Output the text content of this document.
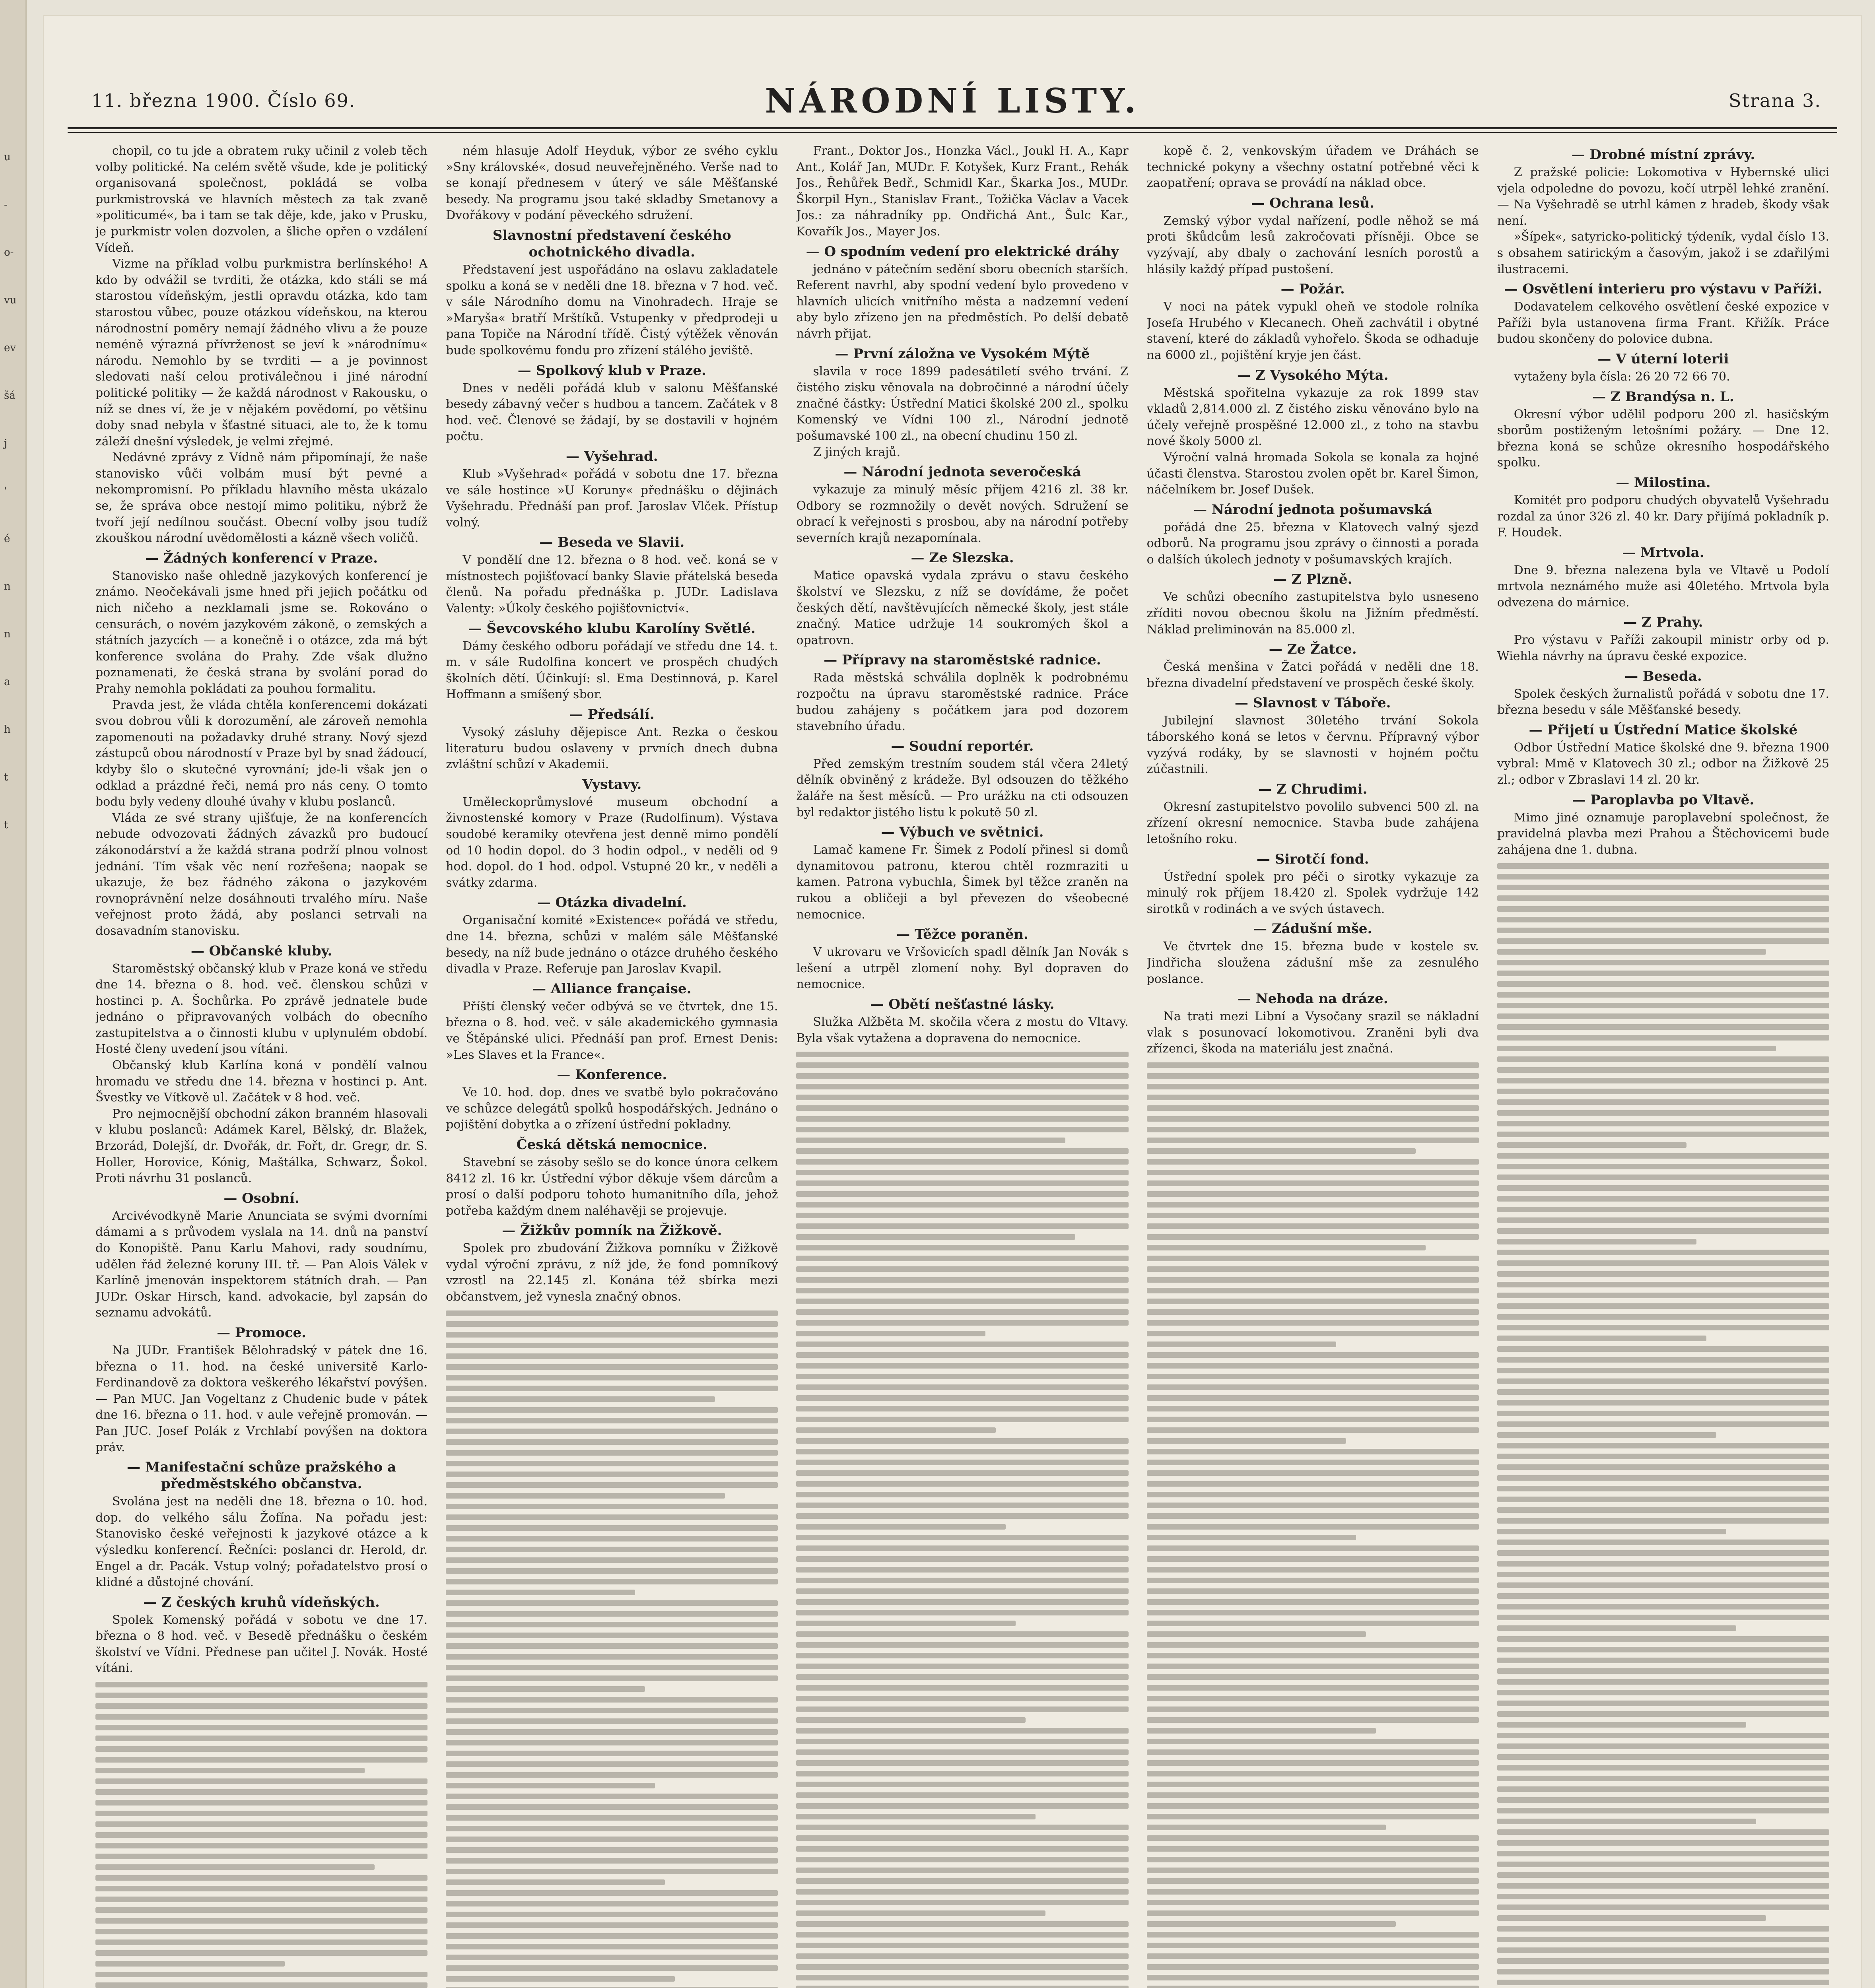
u
-
o-
vu
ev
šá
j
'
é
n
n
a
h
t
t
11. března 1900. Číslo 69.	NÁRODNÍ LISTY.	Strana 3.

chopil, co tu jde a obratem ruky učinil z voleb těch volby politické. Na celém světě všude, kde je politický organisovaná společnost, pokládá se volba purkmistrovská ve hlavních městech za tak zvaně »politicumé«, ba i tam se tak děje, kde, jako v Prusku, je purkmistr volen dozvolen, a šliche opřen o vzdálení Vídeň.

Vizme na příklad volbu purkmistra berlínského! A kdo by odvážil se tvrditi, že otázka, kdo stáli se má starostou vídeňským, jestli opravdu otázka, kdo tam starostou vůbec, pouze otázkou vídeňskou, na kterou národnostní poměry nemají žádného vlivu a že pouze neméně výrazná přívrženost se jeví k »národnímu« národu. Nemohlo by se tvrditi — a je povinnost sledovati naší celou protiválečnou i jiné národní politické politiky — že každá národnost v Rakousku, o níž se dnes ví, že je v nějakém povědomí, po většinu doby snad nebyla v šťastné situaci, ale to, že k tomu záleží dnešní výsledek, je velmi zřejmé.

Nedávné zprávy z Vídně nám připomínají, že naše stanovisko vůči volbám musí být pevné a nekompromisní. Po příkladu hlavního města ukázalo se, že správa obce nestojí mimo politiku, nýbrž že tvoří její nedílnou součást. Obecní volby jsou tudíž zkouškou národní uvědomělosti a kázně všech voličů.

— Žádných konferencí v Praze.

Stanovisko naše ohledně jazykových konferencí je známo. Neočekávali jsme hned při jejich počátku od nich ničeho a nezklamali jsme se. Rokováno o censurách, o novém jazykovém zákoně, o zemských a státních jazycích — a konečně i o otázce, zda má být konference svolána do Prahy. Zde však dlužno poznamenati, že česká strana by svolání porad do Prahy nemohla pokládati za pouhou formalitu.

Pravda jest, že vláda chtěla konferencemi dokázati svou dobrou vůli k dorozumění, ale zároveň nemohla zapomenouti na požadavky druhé strany. Nový sjezd zástupců obou národností v Praze byl by snad žádoucí, kdyby šlo o skutečné vyrovnání; jde-li však jen o odklad a prázdné řeči, nemá pro nás ceny. O tomto bodu byly vedeny dlouhé úvahy v klubu poslanců.

Vláda ze své strany ujišťuje, že na konferencích nebude odvozovati žádných závazků pro budoucí zákonodárství a že každá strana podrží plnou volnost jednání. Tím však věc není rozřešena; naopak se ukazuje, že bez řádného zákona o jazykovém rovnoprávnění nelze dosáhnouti trvalého míru. Naše veřejnost proto žádá, aby poslanci setrvali na dosavadním stanovisku.

— Občanské kluby.

Staroměstský občanský klub v Praze koná ve středu dne 14. března o 8. hod. več. členskou schůzi v hostinci p. A. Šochůrka. Po zprávě jednatele bude jednáno o připravovaných volbách do obecního zastupitelstva a o činnosti klubu v uplynulém období. Hosté členy uvedení jsou vítáni.

Občanský klub Karlína koná v pondělí valnou hromadu ve středu dne 14. března v hostinci p. Ant. Švestky ve Vítkově ul. Začátek v 8 hod. več.

Pro nejmocnější obchodní zákon branném hlasovali v klubu poslanců: Adámek Karel, Bělský, dr. Blažek, Brzorád, Dolejší, dr. Dvořák, dr. Fořt, dr. Gregr, dr. S. Holler, Horovice, Kónig, Maštálka, Schwarz, Šokol. Proti návrhu 31 poslanců.

— Osobní.

Arcivévodkyně Marie Anunciata se svými dvorními dámami a s průvodem vyslala na 14. dnů na panství do Konopiště. Panu Karlu Mahovi, rady soudnímu, udělen řád železné koruny III. tř. — Pan Alois Válek v Karlíně jmenován inspektorem státních drah. — Pan JUDr. Oskar Hirsch, kand. advokacie, byl zapsán do seznamu advokátů.

— Promoce.

Na JUDr. František Bělohradský v pátek dne 16. března o 11. hod. na české universitě Karlo-Ferdinandově za doktora veškerého lékařství povýšen. — Pan MUC. Jan Vogeltanz z Chudenic bude v pátek dne 16. března o 11. hod. v aule veřejně promován. — Pan JUC. Josef Polák z Vrchlabí povýšen na doktora práv.

— Manifestační schůze pražského a předměstského občanstva.

Svolána jest na neděli dne 18. března o 10. hod. dop. do velkého sálu Žofína. Na pořadu jest: Stanovisko české veřejnosti k jazykové otázce a k výsledku konferencí. Řečníci: poslanci dr. Herold, dr. Engel a dr. Pacák. Vstup volný; pořadatelstvo prosí o klidné a důstojné chování.

— Z českých kruhů vídeňských.

Spolek Komenský pořádá v sobotu ve dne 17. března o 8 hod. več. v Besedě přednášku o českém školství ve Vídni. Přednese pan učitel J. Novák. Hosté vítáni.

ném hlasuje Adolf Heyduk, výbor ze svého cyklu »Sny královské«, dosud neuveřejněného. Verše nad to se konají přednesem v úterý ve sále Měšťanské besedy. Na programu jsou také skladby Smetanovy a Dvořákovy v podání pěveckého sdružení.

Slavnostní představení českého ochotnického divadla.

Představení jest uspořádáno na oslavu zakladatele spolku a koná se v neděli dne 18. března v 7 hod. več. v sále Národního domu na Vinohradech. Hraje se »Maryša« bratří Mrštíků. Vstupenky v předprodeji u pana Topiče na Národní třídě. Čistý výtěžek věnován bude spolkovému fondu pro zřízení stálého jeviště.

— Spolkový klub v Praze.

Dnes v neděli pořádá klub v salonu Měšťanské besedy zábavný večer s hudbou a tancem. Začátek v 8 hod. več. Členové se žádají, by se dostavili v hojném počtu.

— Vyšehrad.

Klub »Vyšehrad« pořádá v sobotu dne 17. března ve sále hostince »U Koruny« přednášku o dějinách Vyšehradu. Přednáší pan prof. Jaroslav Vlček. Přístup volný.

— Beseda ve Slavii.

V pondělí dne 12. března o 8 hod. več. koná se v místnostech pojišťovací banky Slavie přátelská beseda členů. Na pořadu přednáška p. JUDr. Ladislava Valenty: »Úkoly českého pojišťovnictví«.

— Ševcovského klubu Karolíny Světlé.

Dámy českého odboru pořádají ve středu dne 14. t. m. v sále Rudolfina koncert ve prospěch chudých školních dětí. Účinkují: sl. Ema Destinnová, p. Karel Hoffmann a smíšený sbor.

— Předsálí.

Vysoký zásluhy dějepisce Ant. Rezka o českou literaturu budou oslaveny v prvních dnech dubna zvláštní schůzí v Akademii.

Vystavy.

Uměleckoprůmyslové museum obchodní a živnostenské komory v Praze (Rudolfinum). Výstava soudobé keramiky otevřena jest denně mimo pondělí od 10 hodin dopol. do 3 hodin odpol., v neděli od 9 hod. dopol. do 1 hod. odpol. Vstupné 20 kr., v neděli a svátky zdarma.

— Otázka divadelní.

Organisační komité »Existence« pořádá ve středu, dne 14. března, schůzi v malém sále Měšťanské besedy, na níž bude jednáno o otázce druhého českého divadla v Praze. Referuje pan Jaroslav Kvapil.

— Alliance française.

Příští členský večer odbývá se ve čtvrtek, dne 15. března o 8. hod. več. v sále akademického gymnasia ve Štěpánské ulici. Přednáší pan prof. Ernest Denis: »Les Slaves et la France«.

— Konference.

Ve 10. hod. dop. dnes ve svatbě bylo pokračováno ve schůzce delegátů spolků hospodářských. Jednáno o pojištění dobytka a o zřízení ústřední pokladny.

Česká dětská nemocnice.

Stavební se zásoby sešlo se do konce února celkem 8412 zl. 16 kr. Ústřední výbor děkuje všem dárcům a prosí o další podporu tohoto humanitního díla, jehož potřeba každým dnem naléhavěji se projevuje.

— Žižkův pomník na Žižkově.

Spolek pro zbudování Žižkova pomníku v Žižkově vydal výroční zprávu, z níž jde, že fond pomníkový vzrostl na 22.145 zl. Konána též sbírka mezi občanstvem, jež vynesla značný obnos.

Frant., Doktor Jos., Honzka Václ., Joukl H. A., Kapr Ant., Kolář Jan, MUDr. F. Kotyšek, Kurz Frant., Rehák Jos., Řehůřek Bedř., Schmidl Kar., Škarka Jos., MUDr. Škorpil Hyn., Stanislav Frant., Tožička Václav a Vacek Jos.: za náhradníky pp. Ondřichá Ant., Šulc Kar., Kovařík Jos., Mayer Jos.

— O spodním vedení pro elektrické dráhy

jednáno v pátečním sedění sboru obecních starších. Referent navrhl, aby spodní vedení bylo provedeno v hlavních ulicích vnitřního města a nadzemní vedení aby bylo zřízeno jen na předměstích. Po delší debatě návrh přijat.

— První záložna ve Vysokém Mýtě

slavila v roce 1899 padesátiletí svého trvání. Z čistého zisku věnovala na dobročinné a národní účely značné částky: Ústřední Matici školské 200 zl., spolku Komenský ve Vídni 100 zl., Národní jednotě pošumavské 100 zl., na obecní chudinu 150 zl.

Z jiných krajů.

— Národní jednota severočeská

vykazuje za minulý měsíc příjem 4216 zl. 38 kr. Odbory se rozmnožily o devět nových. Sdružení se obrací k veřejnosti s prosbou, aby na národní potřeby severních krajů nezapomínala.

— Ze Slezska.

Matice opavská vydala zprávu o stavu českého školství ve Slezsku, z níž se dovídáme, že počet českých dětí, navštěvujících německé školy, jest stále značný. Matice udržuje 14 soukromých škol a opatrovn.

— Přípravy na staroměstské radnice.

Rada městská schválila doplněk k podrobnému rozpočtu na úpravu staroměstské radnice. Práce budou zahájeny s počátkem jara pod dozorem stavebního úřadu.

— Soudní reportér.

Před zemským trestním soudem stál včera 24letý dělník obviněný z krádeže. Byl odsouzen do těžkého žaláře na šest měsíců. — Pro urážku na cti odsouzen byl redaktor jistého listu k pokutě 50 zl.

— Výbuch ve světnici.

Lamač kamene Fr. Šimek z Podolí přinesl si domů dynamitovou patronu, kterou chtěl rozmraziti u kamen. Patrona vybuchla, Šimek byl těžce zraněn na rukou a obličeji a byl převezen do všeobecné nemocnice.

— Těžce poraněn.

V ukrovaru ve Vršovicích spadl dělník Jan Novák s lešení a utrpěl zlomení nohy. Byl dopraven do nemocnice.

— Obětí nešťastné lásky.

Služka Alžběta M. skočila včera z mostu do Vltavy. Byla však vytažena a dopravena do nemocnice.

kopě č. 2, venkovským úřadem ve Dráhách se technické pokyny a všechny ostatní potřebné věci k zaopatření; oprava se provádí na náklad obce.

— Ochrana lesů.

Zemský výbor vydal nařízení, podle něhož se má proti škůdcům lesů zakročovati přísněji. Obce se vyzývají, aby dbaly o zachování lesních porostů a hlásily každý případ pustošení.

— Požár.

V noci na pátek vypukl oheň ve stodole rolníka Josefa Hrubého v Klecanech. Oheň zachvátil i obytné stavení, které do základů vyhořelo. Škoda se odhaduje na 6000 zl., pojištění kryje jen část.

— Z Vysokého Mýta.

Městská spořitelna vykazuje za rok 1899 stav vkladů 2,814.000 zl. Z čistého zisku věnováno bylo na účely veřejně prospěšné 12.000 zl., z toho na stavbu nové školy 5000 zl.

Výroční valná hromada Sokola se konala za hojné účasti členstva. Starostou zvolen opět br. Karel Šimon, náčelníkem br. Josef Dušek.

— Národní jednota pošumavská

pořádá dne 25. března v Klatovech valný sjezd odborů. Na programu jsou zprávy o činnosti a porada o dalších úkolech jednoty v pošumavských krajích.

— Z Plzně.

Ve schůzi obecního zastupitelstva bylo usneseno zříditi novou obecnou školu na Jižním předměstí. Náklad preliminován na 85.000 zl.

— Ze Žatce.

Česká menšina v Žatci pořádá v neděli dne 18. března divadelní představení ve prospěch české školy.

— Slavnost v Táboře.

Jubilejní slavnost 30letého trvání Sokola táborského koná se letos v červnu. Přípravný výbor vyzývá rodáky, by se slavnosti v hojném počtu zúčastnili.

— Z Chrudimi.

Okresní zastupitelstvo povolilo subvenci 500 zl. na zřízení okresní nemocnice. Stavba bude zahájena letošního roku.

— Sirotčí fond.

Ústřední spolek pro péči o sirotky vykazuje za minulý rok příjem 18.420 zl. Spolek vydržuje 142 sirotků v rodinách a ve svých ústavech.

— Zádušní mše.

Ve čtvrtek dne 15. března bude v kostele sv. Jindřicha sloužena zádušní mše za zesnulého poslance.

— Nehoda na dráze.

Na trati mezi Libní a Vysočany srazil se nákladní vlak s posunovací lokomotivou. Zraněni byli dva zřízenci, škoda na materiálu jest značná.

— Drobné místní zprávy.

Z pražské policie: Lokomotiva v Hybernské ulici vjela odpoledne do povozu, kočí utrpěl lehké zranění. — Na Vyšehradě se utrhl kámen z hradeb, škody však není.

»Šípek«, satyricko-politický týdeník, vydal číslo 13. s obsahem satirickým a časovým, jakož i se zdařilými ilustracemi.

— Osvětlení interieru pro výstavu v Paříži.

Dodavatelem celkového osvětlení české expozice v Paříži byla ustanovena firma Frant. Křižík. Práce budou skončeny do polovice dubna.

— V úterní loterii

vytaženy byla čísla: 26 20 72 66 70.

— Z Brandýsa n. L.

Okresní výbor udělil podporu 200 zl. hasičským sborům postiženým letošními požáry. — Dne 12. března koná se schůze okresního hospodářského spolku.

— Milostina.

Komitét pro podporu chudých obyvatelů Vyšehradu rozdal za únor 326 zl. 40 kr. Dary přijímá pokladník p. F. Houdek.

— Mrtvola.

Dne 9. března nalezena byla ve Vltavě u Podolí mrtvola neznámého muže asi 40letého. Mrtvola byla odvezena do márnice.

— Z Prahy.

Pro výstavu v Paříži zakoupil ministr orby od p. Wiehla návrhy na úpravu české expozice.

— Beseda.

Spolek českých žurnalistů pořádá v sobotu dne 17. března besedu v sále Měšťanské besedy.

— Přijetí u Ústřední Matice školské

Odbor Ústřední Matice školské dne 9. března 1900 vybral: Mmě v Klatovech 30 zl.; odbor na Žižkově 25 zl.; odbor v Zbraslavi 14 zl. 20 kr.

— Paroplavba po Vltavě.

Mimo jiné oznamuje paroplavební společnost, že pravidelná plavba mezi Prahou a Štěchovicemi bude zahájena dne 1. dubna.
